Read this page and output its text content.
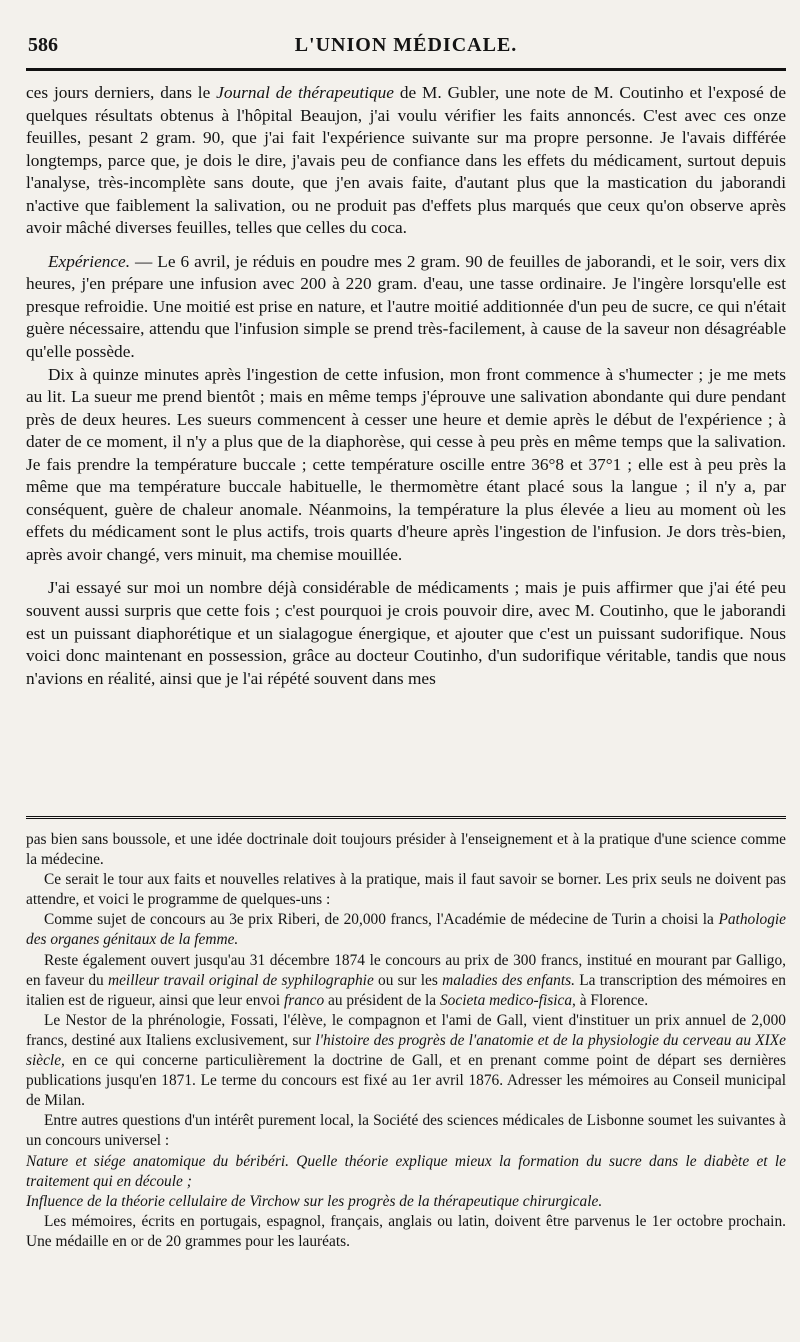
586	L'UNION MÉDICALE.

ces jours derniers, dans le Journal de thérapeutique de M. Gubler, une note de M. Coutinho et l'exposé de quelques résultats obtenus à l'hôpital Beaujon, j'ai voulu vérifier les faits annoncés. C'est avec ces onze feuilles, pesant 2 gram. 90, que j'ai fait l'expérience suivante sur ma propre personne. Je l'avais différée longtemps, parce que, je dois le dire, j'avais peu de confiance dans les effets du médicament, surtout depuis l'analyse, très-incomplète sans doute, que j'en avais faite, d'autant plus que la mastication du jaborandi n'active que faiblement la salivation, ou ne produit pas d'effets plus marqués que ceux qu'on observe après avoir mâché diverses feuilles, telles que celles du coca.

Expérience. — Le 6 avril, je réduis en poudre mes 2 gram. 90 de feuilles de jaborandi, et le soir, vers dix heures, j'en prépare une infusion avec 200 à 220 gram. d'eau, une tasse ordinaire. Je l'ingère lorsqu'elle est presque refroidie. Une moitié est prise en nature, et l'autre moitié additionnée d'un peu de sucre, ce qui n'était guère nécessaire, attendu que l'infusion simple se prend très-facilement, à cause de la saveur non désagréable qu'elle possède.

Dix à quinze minutes après l'ingestion de cette infusion, mon front commence à s'humecter ; je me mets au lit. La sueur me prend bientôt ; mais en même temps j'éprouve une salivation abondante qui dure pendant près de deux heures. Les sueurs commencent à cesser une heure et demie après le début de l'expérience ; à dater de ce moment, il n'y a plus que de la diaphorèse, qui cesse à peu près en même temps que la salivation. Je fais prendre la température buccale ; cette température oscille entre 36°8 et 37°1 ; elle est à peu près la même que ma température buccale habituelle, le thermomètre étant placé sous la langue ; il n'y a, par conséquent, guère de chaleur anomale. Néanmoins, la température la plus élevée a lieu au moment où les effets du médicament sont le plus actifs, trois quarts d'heure après l'ingestion de l'infusion. Je dors très-bien, après avoir changé, vers minuit, ma chemise mouillée.

J'ai essayé sur moi un nombre déjà considérable de médicaments ; mais je puis affirmer que j'ai été peu souvent aussi surpris que cette fois ; c'est pourquoi je crois pouvoir dire, avec M. Coutinho, que le jaborandi est un puissant diaphorétique et un sialagogue énergique, et ajouter que c'est un puissant sudorifique. Nous voici donc maintenant en possession, grâce au docteur Coutinho, d'un sudorifique véritable, tandis que nous n'avions en réalité, ainsi que je l'ai répété souvent dans mes

pas bien sans boussole, et une idée doctrinale doit toujours présider à l'enseignement et à la pratique d'une science comme la médecine.

Ce serait le tour aux faits et nouvelles relatives à la pratique, mais il faut savoir se borner. Les prix seuls ne doivent pas attendre, et voici le programme de quelques-uns :

Comme sujet de concours au 3e prix Riberi, de 20,000 francs, l'Académie de médecine de Turin a choisi la Pathologie des organes génitaux de la femme.

Reste également ouvert jusqu'au 31 décembre 1874 le concours au prix de 300 francs, institué en mourant par Galligo, en faveur du meilleur travail original de syphilographie ou sur les maladies des enfants. La transcription des mémoires en italien est de rigueur, ainsi que leur envoi franco au président de la Societa medico-fisica, à Florence.

Le Nestor de la phrénologie, Fossati, l'élève, le compagnon et l'ami de Gall, vient d'instituer un prix annuel de 2,000 francs, destiné aux Italiens exclusivement, sur l'histoire des progrès de l'anatomie et de la physiologie du cerveau au XIXe siècle, en ce qui concerne particulièrement la doctrine de Gall, et en prenant comme point de départ ses dernières publications jusqu'en 1871. Le terme du concours est fixé au 1er avril 1876. Adresser les mémoires au Conseil municipal de Milan.

Entre autres questions d'un intérêt purement local, la Société des sciences médicales de Lisbonne soumet les suivantes à un concours universel :

Nature et siége anatomique du béribéri. Quelle théorie explique mieux la formation du sucre dans le diabète et le traitement qui en découle ;

Influence de la théorie cellulaire de Virchow sur les progrès de la thérapeutique chirurgicale.

Les mémoires, écrits en portugais, espagnol, français, anglais ou latin, doivent être parvenus le 1er octobre prochain. Une médaille en or de 20 grammes pour les lauréats.
